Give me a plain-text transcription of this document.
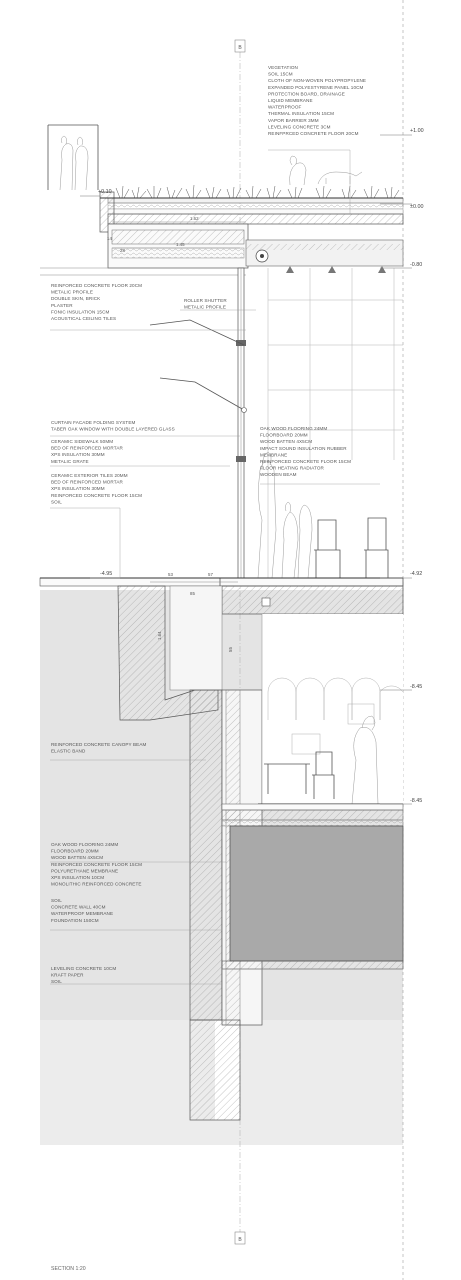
B
B
+1.00
±0.00
-0.80
-4.92
-8.45
-8.45
+0.10
-4.95
1.62
1.45
53	57
85
1.64
55
14
28
VEGETATION
SOIL 15CM
CLOTH OF NON-WOVEN POLYPROPYLENE
EXPANDED POLYESTYRENE PANEL 10CM
PROTECTION BOARD, DRAINAGE
LIQUID MEMBRANE
WATERPROOF
THERMAL INSULATION 15CM
VAPOR BARRIER 3MM
LEVELING CONCRETE 3CM
REINFPRCED CONCRETE FLOOR 20CM
REINFORCED CONCRETE FLOOR 20CM
METALIC PROFILE
DOUBLE SKIN, BRICK
PLASTER
FONIC INSULATION 15CM
ACOUSTICAL CEILING TILES
ROLLER SHUTTER
METALIC PROFILE
CURTAIN FACADE FOLDING SYSTEM
TABER OAK WINDOW WITH DOUBLE LAYERED GLASS
CERAMIC SIDEWALK 50MM
BED OF REINFORCED MORTAR
XPS INSULATION 30MM
METALIC GRATE
CERAMIC EXTERIOR TILES 20MM
BED OF REINFORCED MORTAR
XPS INSULATION 30MM
REINFORCED CONCRETE FLOOR 15CM
SOIL
OAK WOOD FLOORING 24MM
FLOORBOARD 20MM
WOOD BATTEN 4X5CM
IMPACT SOUND INSULATION RUBBER
MEMBRANE
REINFORCED CONCRETE FLOOR 15CM
FLOOR HEATING RADIATOR
WOODEN BEAM
REINFORCED CONCRETE CANOPY BEAM
ELASTIC BAND
OAK WOOD FLOORING 24MM
FLOORBOARD 20MM
WOOD BATTEN 4X5CM
REINFORCED CONCRETE FLOOR 15CM
POLYURETHANE MEMBRANE
XPS INSULATION 10CM
MONOLITHIC REINFORCED CONCRETE
SOIL
CONCRETE WALL 40CM
WATERPROOF MEMBRANE
FOUNDATION 150CM
LEVELING CONCRETE 10CM
KRAFT PAPER
SOIL
SECTION 1:20
